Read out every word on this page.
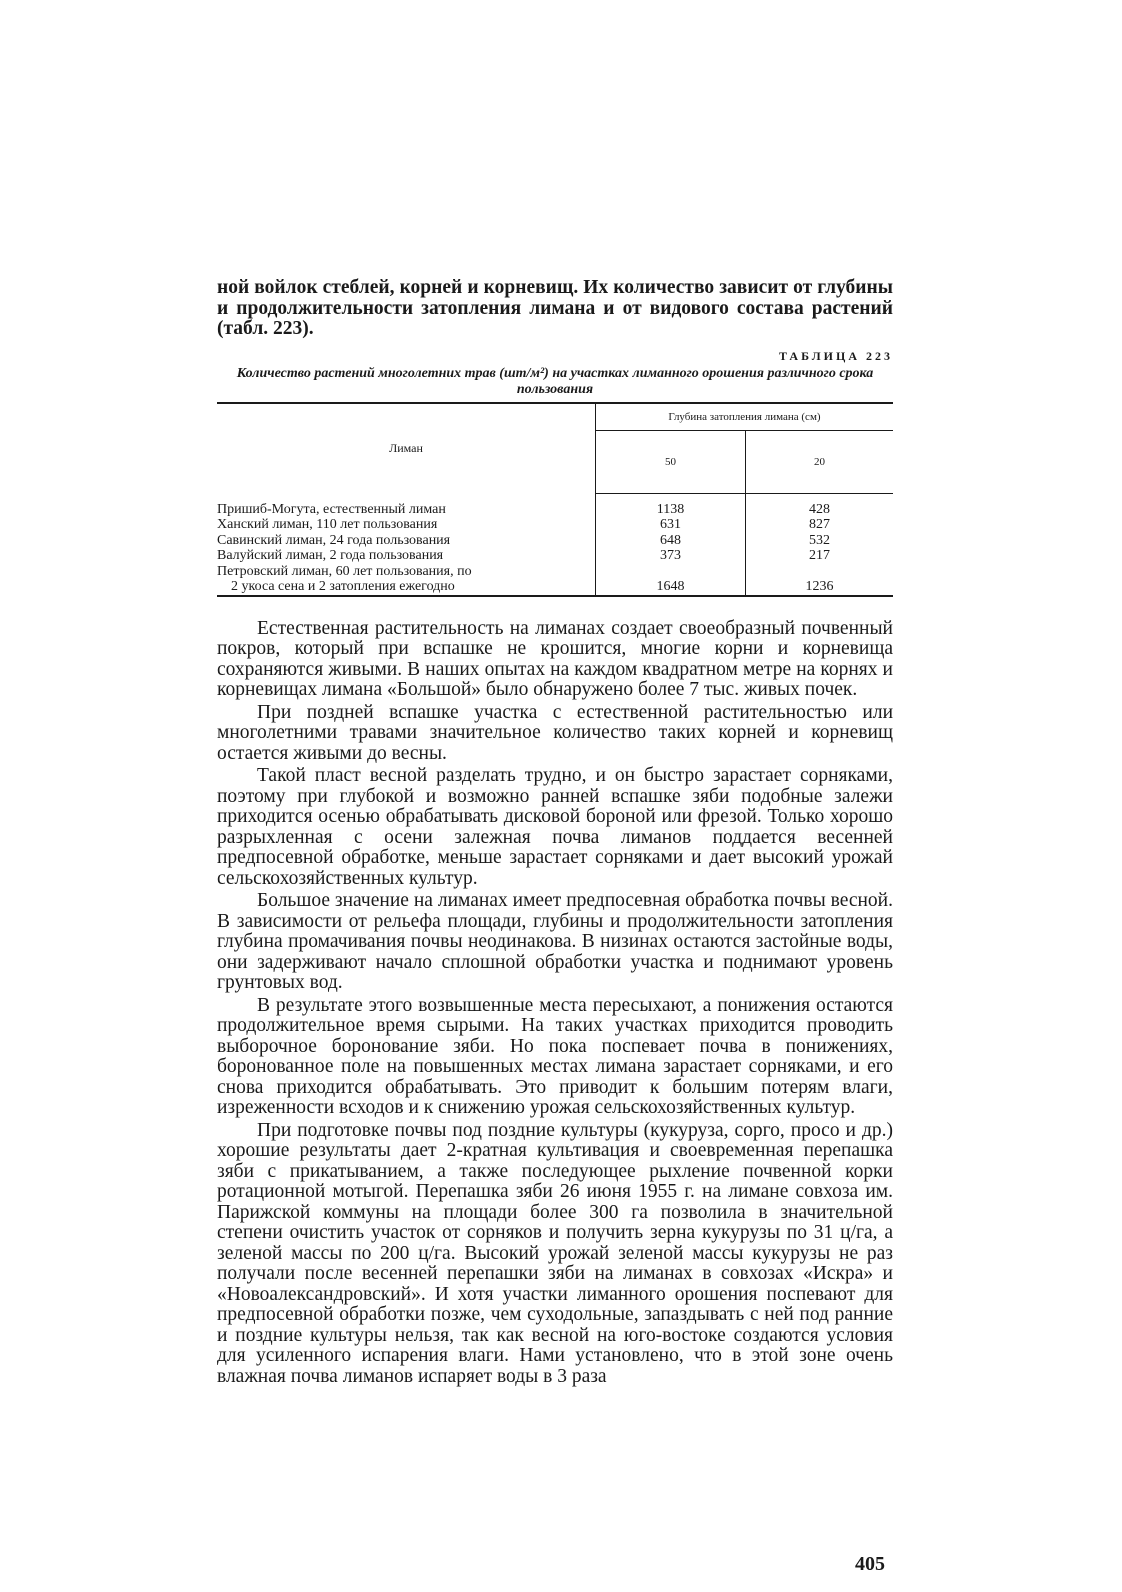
ной войлок стеблей, корней и корневищ. Их количество зависит от глубины и продолжительности затопления лимана и от видового состава растений (табл. 223).

ТАБЛИЦА 223
Количество растений многолетних трав (шт/м²) на участках лиманного орошения различного срока пользования
Лиман	Глубина затопления лимана (см)	
	50	20

Пришиб-Могута, естественный лиман	1138	428
Ханский лиман, 110 лет пользования	631	827
Савинский лиман, 24 года пользования	648	532
Валуйский лиман, 2 года пользования	373	217
Петровский лиман, 60 лет пользования, по
2 укоса сена и 2 затопления ежегодно	1648	1236

Естественная растительность на лиманах создает своеобразный почвенный покров, который при вспашке не крошится, многие корни и корневища сохраняются живыми. В наших опытах на каждом квадратном метре на корнях и корневищах лимана «Большой» было обнаружено более 7 тыс. живых почек.

При поздней вспашке участка с естественной растительностью или многолетними травами значительное количество таких корней и корневищ остается живыми до весны.

Такой пласт весной разделать трудно, и он быстро зарастает сорняками, поэтому при глубокой и возможно ранней вспашке зяби подобные залежи приходится осенью обрабатывать дисковой бороной или фрезой. Только хорошо разрыхленная с осени залежная почва лиманов поддается весенней предпосевной обработке, меньше зарастает сорняками и дает высокий урожай сельскохозяйственных культур.

Большое значение на лиманах имеет предпосевная обработка почвы весной. В зависимости от рельефа площади, глубины и продолжительности затопления глубина промачивания почвы неодинакова. В низинах остаются застойные воды, они задерживают начало сплошной обработки участка и поднимают уровень грунтовых вод.

В результате этого возвышенные места пересыхают, а понижения остаются продолжительное время сырыми. На таких участках приходится проводить выборочное боронование зяби. Но пока поспевает почва в понижениях, боронованное поле на повышенных местах лимана зарастает сорняками, и его снова приходится обрабатывать. Это приводит к большим потерям влаги, изреженности всходов и к снижению урожая сельскохозяйственных культур.

При подготовке почвы под поздние культуры (кукуруза, сорго, просо и др.) хорошие результаты дает 2-кратная культивация и своевременная перепашка зяби с прикатыванием, а также последующее рыхление почвенной корки ротационной мотыгой. Перепашка зяби 26 июня 1955 г. на лимане совхоза им. Парижской коммуны на площади более 300 га позволила в значительной степени очистить участок от сорняков и получить зерна кукурузы по 31 ц/га, а зеленой массы по 200 ц/га. Высокий урожай зеленой массы кукурузы не раз получали после весенней перепашки зяби на лиманах в совхозах «Искра» и «Новоалександровский». И хотя участки лиманного орошения поспевают для предпосевной обработки позже, чем суходольные, запаздывать с ней под ранние и поздние культуры нельзя, так как весной на юго-востоке создаются условия для усиленного испарения влаги. Нами установлено, что в этой зоне очень влажная почва лиманов испаряет воды в 3 раза

405
